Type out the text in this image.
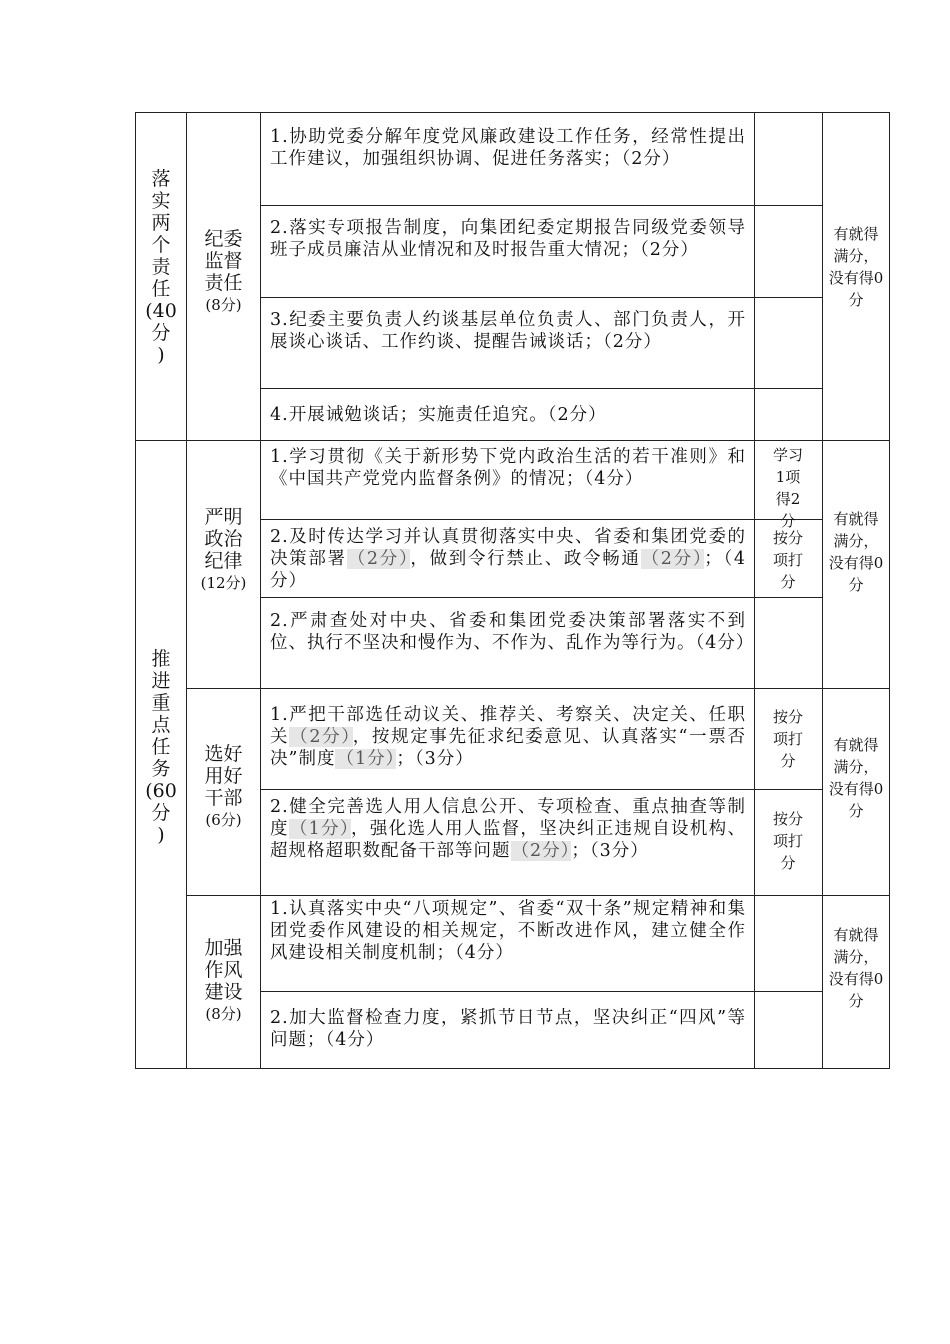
落
实
两
个
责
任
(40
分
)
纪委
监督
责任
(8分)
1.协助党委分解年度党风廉政建设工作任务，经常性提出工作建议，加强组织协调、促进任务落实；（2分）
2.落实专项报告制度，向集团纪委定期报告同级党委领导班子成员廉洁从业情况和及时报告重大情况；（2分）
3.纪委主要负责人约谈基层单位负责人、部门负责人，开展谈心谈话、工作约谈、提醒告诫谈话；（2分）
4.开展诫勉谈话；实施责任追究。（2分）
有就得满分，没有得0分
推
进
重
点
任
务
(60
分
)
严明
政治
纪律
(12分)
1.学习贯彻《关于新形势下党内政治生活的若干准则》和《中国共产党党内监督条例》的情况；（4分）
2.及时传达学习并认真贯彻落实中央、省委和集团党委的决策部署（2分），做到令行禁止、政令畅通（2分）；（4分）
2.严肃查处对中央、省委和集团党委决策部署落实不到位、执行不坚决和慢作为、不作为、乱作为等行为。（4分）
学习1项得2分
按分项打分
有就得满分，没有得0分
选好
用好
干部
(6分)
1.严把干部选任动议关、推荐关、考察关、决定关、任职关（2分），按规定事先征求纪委意见、认真落实“一票否决”制度（1分）；（3分）
2.健全完善选人用人信息公开、专项检查、重点抽查等制度（1分），强化选人用人监督，坚决纠正违规自设机构、超规格超职数配备干部等问题（2分）；（3分）
按分项打分
按分项打分
有就得满分，没有得0分
加强
作风
建设
(8分)
1.认真落实中央“八项规定”、省委“双十条”规定精神和集团党委作风建设的相关规定，不断改进作风，建立健全作风建设相关制度机制；（4分）
2.加大监督检查力度，紧抓节日节点，坚决纠正“四风”等问题；（4分）
有就得满分，没有得0分
